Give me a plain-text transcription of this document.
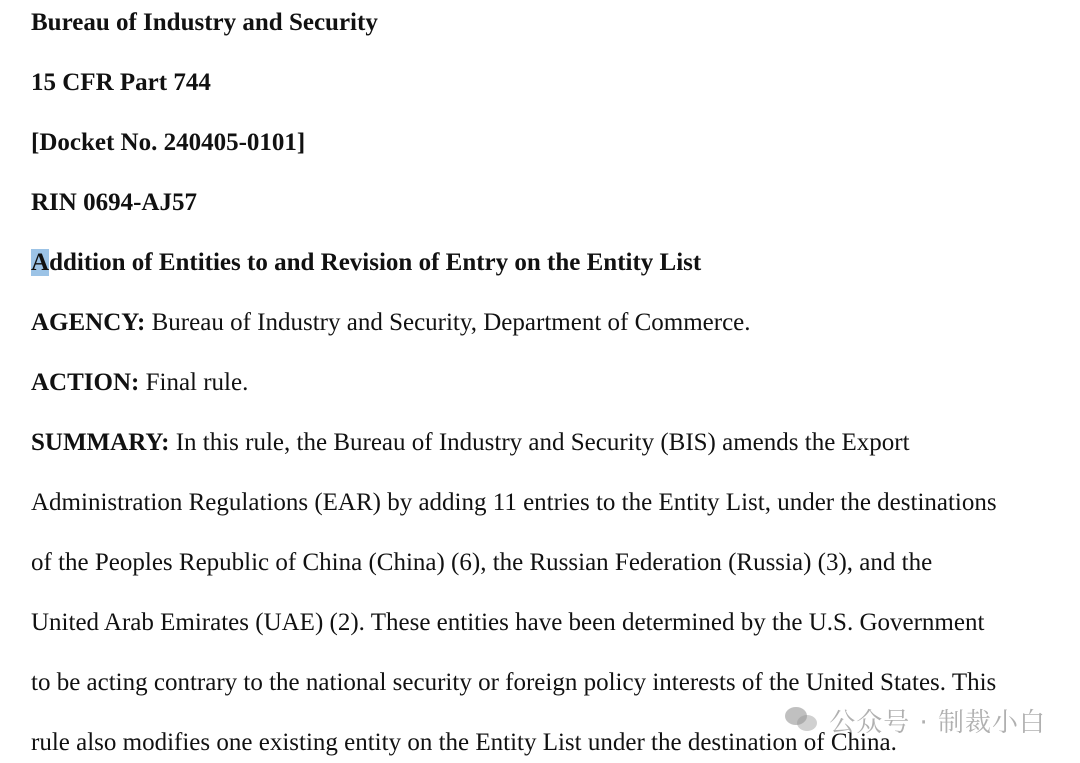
Bureau of Industry and Security
15 CFR Part 744
[Docket No. 240405-0101]
RIN 0694-AJ57
Addition of Entities to and Revision of Entry on the Entity List
AGENCY: Bureau of Industry and Security, Department of Commerce.
ACTION: Final rule.
SUMMARY: In this rule, the Bureau of Industry and Security (BIS) amends the Export
Administration Regulations (EAR) by adding 11 entries to the Entity List, under the destinations
of the Peoples Republic of China (China) (6), the Russian Federation (Russia) (3), and the
United Arab Emirates (UAE) (2). These entities have been determined by the U.S. Government
to be acting contrary to the national security or foreign policy interests of the United States. This
rule also modifies one existing entity on the Entity List under the destination of China.
公众号 · 制裁小白
